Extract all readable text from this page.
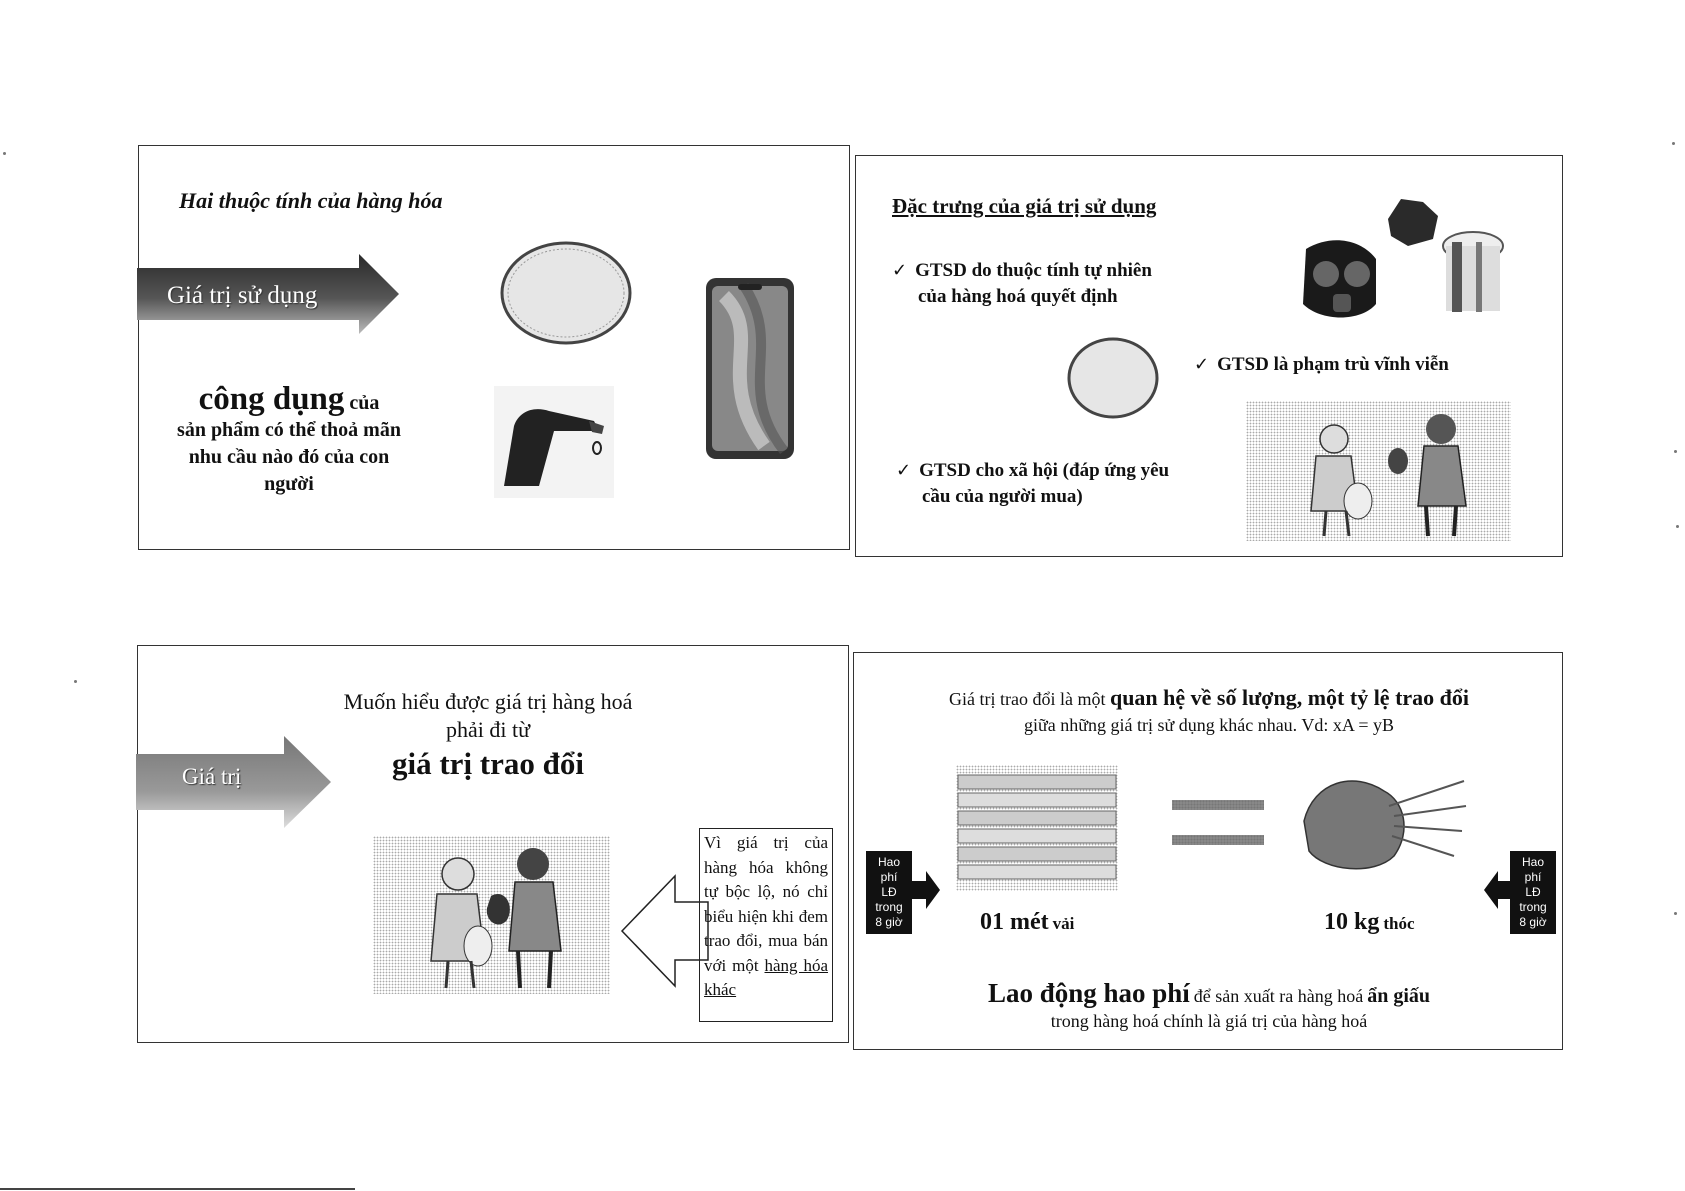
Hai thuộc tính của hàng hóa
Giá trị sử dụng
công dụng của
sản phẩm có thể thoả mãn nhu cầu nào đó của con người
Đặc trưng của giá trị sử dụng
✓ GTSD do thuộc tính tự nhiên
của hàng hoá quyết định
✓ GTSD là phạm trù vĩnh viễn
✓ GTSD cho xã hội (đáp ứng yêu
cầu của người mua)
Giá trị
Muốn hiểu được giá trị hàng hoá
phải đi từ
giá trị trao đổi
Vì giá trị của hàng hóa không tự bộc lộ, nó chỉ biểu hiện khi đem trao đổi, mua bán với một hàng hóa khác
Giá trị trao đổi là một quan hệ về số lượng, một tỷ lệ trao đổi
giữa những giá trị sử dụng khác nhau. Vd: xA = yB
Hao
phí
LĐ
trong
8 giờ
Hao
phí
LĐ
trong
8 giờ
01 mét vải	10 kg thóc
Lao động hao phí để sản xuất ra hàng hoá ẩn giấu
trong hàng hoá chính là giá trị của hàng hoá
